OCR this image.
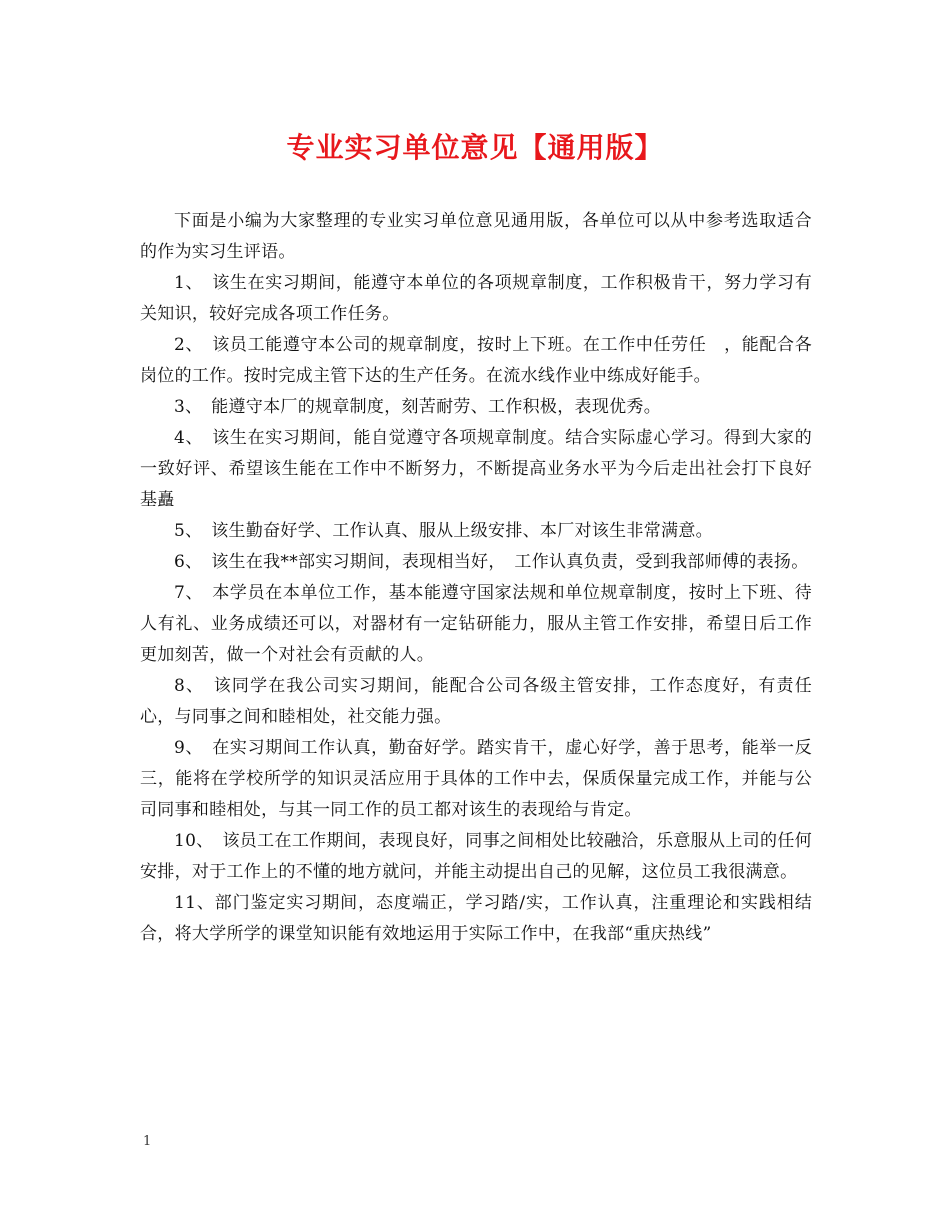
专业实习单位意见【通用版】

下面是小编为大家整理的专业实习单位意见通用版，各单位可以从中参考选取适合的作为实习生评语。

1、　该生在实习期间，能遵守本单位的各项规章制度，工作积极肯干，努力学习有关知识，较好完成各项工作任务。

2、　该员工能遵守本公司的规章制度，按时上下班。在工作中任劳任　，能配合各岗位的工作。按时完成主管下达的生产任务。在流水线作业中练成好能手。

3、　能遵守本厂的规章制度，刻苦耐劳、工作积极，表现优秀。

4、　该生在实习期间，能自觉遵守各项规章制度。结合实际虚心学习。得到大家的一致好评、希望该生能在工作中不断努力，不断提高业务水平为今后走出社会打下良好基矗

5、　该生勤奋好学、工作认真、服从上级安排、本厂对该生非常满意。

6、　该生在我**部实习期间，表现相当好，　工作认真负责，受到我部师傅的表扬。

7、　本学员在本单位工作，基本能遵守国家法规和单位规章制度，按时上下班、待人有礼、业务成绩还可以，对器材有一定钻研能力，服从主管工作安排，希望日后工作更加刻苦，做一个对社会有贡献的人。

8、　该同学在我公司实习期间，能配合公司各级主管安排，工作态度好，有责任心，与同事之间和睦相处，社交能力强。

9、　在实习期间工作认真，勤奋好学。踏实肯干，虚心好学，善于思考，能举一反三，能将在学校所学的知识灵活应用于具体的工作中去，保质保量完成工作，并能与公司同事和睦相处，与其一同工作的员工都对该生的表现给与肯定。

10、　该员工在工作期间，表现良好，同事之间相处比较融洽，乐意服从上司的任何安排，对于工作上的不懂的地方就问，并能主动提出自己的见解，这位员工我很满意。

11、部门鉴定实习期间，态度端正，学习踏/实，工作认真，注重理论和实践相结合，将大学所学的课堂知识能有效地运用于实际工作中，在我部“重庆热线”

1
